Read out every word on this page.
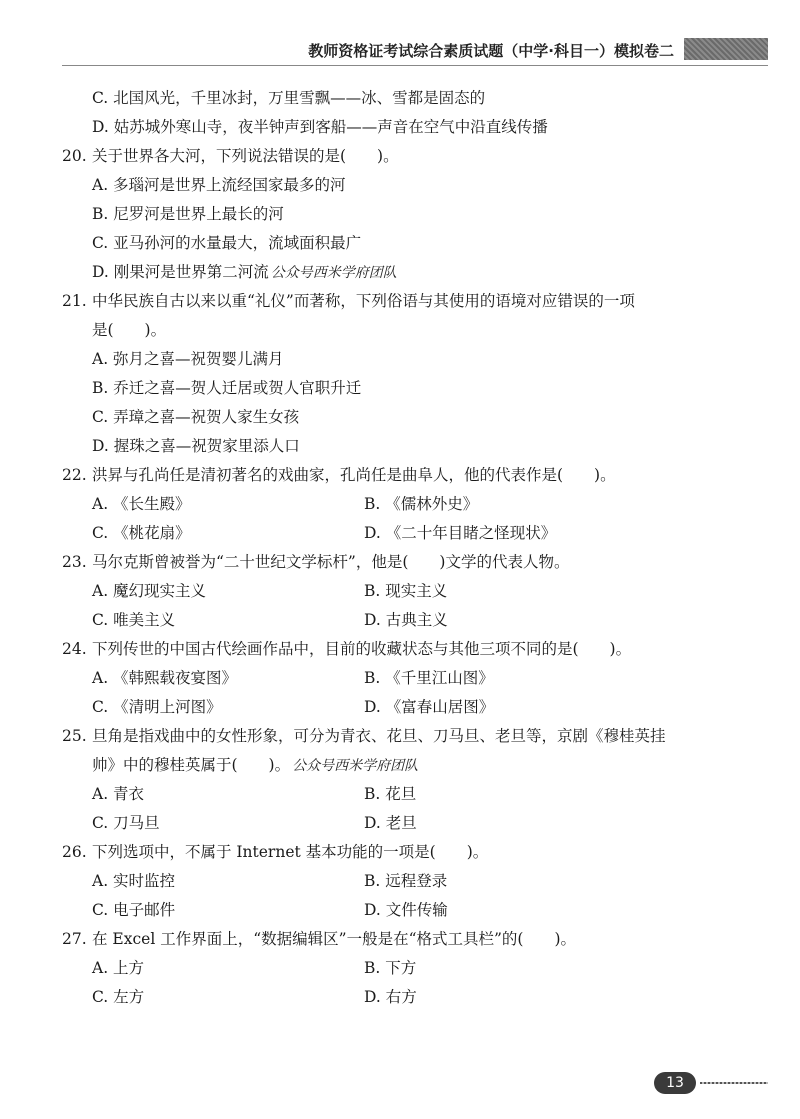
教师资格证考试综合素质试题（中学·科目一）模拟卷二
C. 北国风光，千里冰封，万里雪飘——冰、雪都是固态的
D. 姑苏城外寒山寺，夜半钟声到客船——声音在空气中沿直线传播
20. 关于世界各大河，下列说法错误的是(　　)。
A. 多瑙河是世界上流经国家最多的河
B. 尼罗河是世界上最长的河
C. 亚马孙河的水量最大，流域面积最广
D. 刚果河是世界第二河流 公众号西米学府团队
21. 中华民族自古以来以重“礼仪”而著称，下列俗语与其使用的语境对应错误的一项
是(　　)。
A. 弥月之喜—祝贺婴儿满月
B. 乔迁之喜—贺人迁居或贺人官职升迁
C. 弄璋之喜—祝贺人家生女孩
D. 握珠之喜—祝贺家里添人口
22. 洪昇与孔尚任是清初著名的戏曲家，孔尚任是曲阜人，他的代表作是(　　)。
A. 《长生殿》	B. 《儒林外史》
C. 《桃花扇》	D. 《二十年目睹之怪现状》
23. 马尔克斯曾被誉为“二十世纪文学标杆”，他是(　　)文学的代表人物。
A. 魔幻现实主义	B. 现实主义
C. 唯美主义	D. 古典主义
24. 下列传世的中国古代绘画作品中，目前的收藏状态与其他三项不同的是(　　)。
A. 《韩熙载夜宴图》	B. 《千里江山图》
C. 《清明上河图》	D. 《富春山居图》
25. 旦角是指戏曲中的女性形象，可分为青衣、花旦、刀马旦、老旦等，京剧《穆桂英挂
帅》中的穆桂英属于(　　)。 公众号西米学府团队
A. 青衣	B. 花旦
C. 刀马旦	D. 老旦
26. 下列选项中，不属于 Internet 基本功能的一项是(　　)。
A. 实时监控	B. 远程登录
C. 电子邮件	D. 文件传输
27. 在 Excel 工作界面上，“数据编辑区”一般是在“格式工具栏”的(　　)。
A. 上方	B. 下方
C. 左方	D. 右方
13
